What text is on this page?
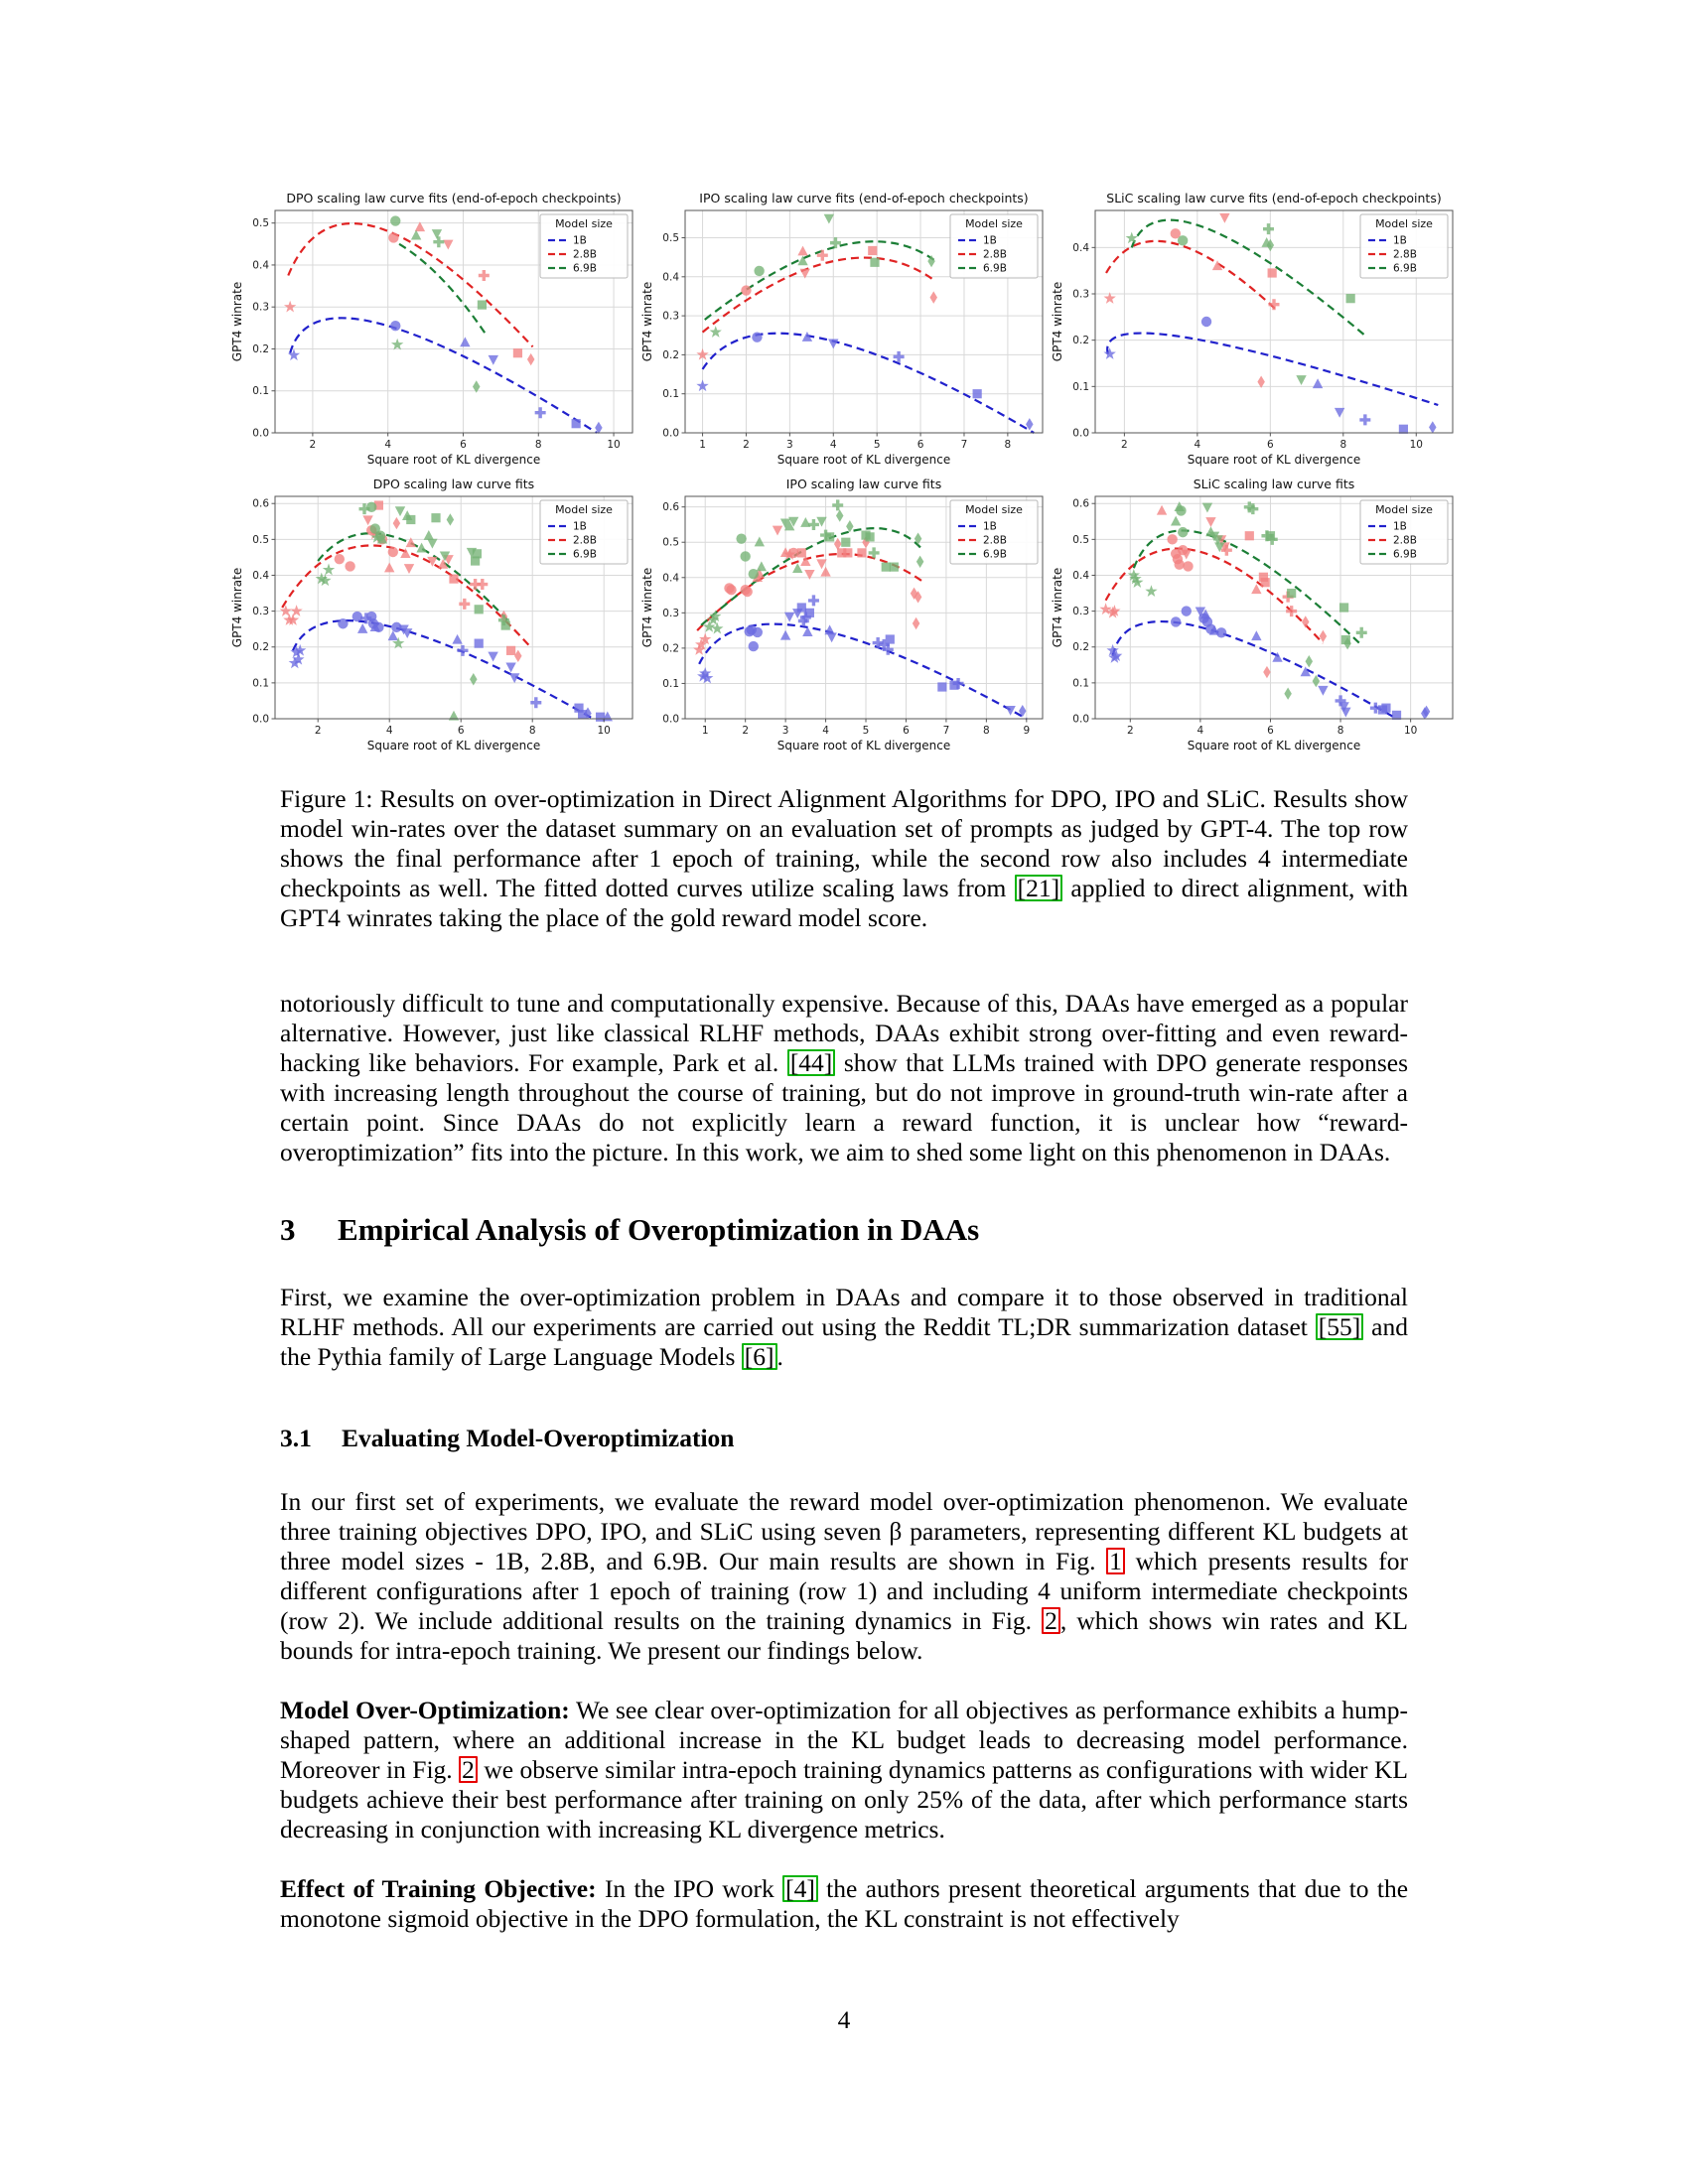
2	4	6	8	10
0.0
0.1
0.2
0.3
0.4
0.5
DPO scaling law curve fits (end-of-epoch checkpoints)
Square root of KL divergence
GPT4 winrate
Model size
1B
2.8B
6.9B
1	2	3	4	5	6	7	8
0.0
0.1
0.2
0.3
0.4
0.5
IPO scaling law curve fits (end-of-epoch checkpoints)
Square root of KL divergence
GPT4 winrate
Model size
1B
2.8B
6.9B
2	4	6	8	10
0.0
0.1
0.2
0.3
0.4
SLiC scaling law curve fits (end-of-epoch checkpoints)
Square root of KL divergence
GPT4 winrate
Model size
1B
2.8B
6.9B
2	4	6	8	10
0.0
0.1
0.2
0.3
0.4
0.5
0.6
DPO scaling law curve fits
Square root of KL divergence
GPT4 winrate
Model size
1B
2.8B
6.9B
1	2	3	4	5	6	7	8	9
0.0
0.1
0.2
0.3
0.4
0.5
0.6
IPO scaling law curve fits
Square root of KL divergence
GPT4 winrate
Model size
1B
2.8B
6.9B
2	4	6	8	10
0.0
0.1
0.2
0.3
0.4
0.5
0.6
SLiC scaling law curve fits
Square root of KL divergence
GPT4 winrate
Model size
1B
2.8B
6.9B

Figure 1: Results on over-optimization in Direct Alignment Algorithms for DPO, IPO and SLiC. Results show model win-rates over the dataset summary on an evaluation set of prompts as judged by GPT-4. The top row shows the final performance after 1 epoch of training, while the second row also includes 4 intermediate checkpoints as well. The fitted dotted curves utilize scaling laws from [21] applied to direct alignment, with GPT4 winrates taking the place of the gold reward model score.

notoriously difficult to tune and computationally expensive. Because of this, DAAs have emerged as a popular alternative. However, just like classical RLHF methods, DAAs exhibit strong over-fitting and even reward-hacking like behaviors. For example, Park et al. [44] show that LLMs trained with DPO generate responses with increasing length throughout the course of training, but do not improve in ground-truth win-rate after a certain point. Since DAAs do not explicitly learn a reward function, it is unclear how “reward-overoptimization” fits into the picture. In this work, we aim to shed some light on this phenomenon in DAAs.

3 Empirical Analysis of Overoptimization in DAAs

First, we examine the over-optimization problem in DAAs and compare it to those observed in traditional RLHF methods. All our experiments are carried out using the Reddit TL;DR summarization dataset [55] and the Pythia family of Large Language Models [6] .

3.1 Evaluating Model-Overoptimization

In our first set of experiments, we evaluate the reward model over-optimization phenomenon. We evaluate three training objectives DPO, IPO, and SLiC using seven β parameters, representing different KL budgets at three model sizes - 1B, 2.8B, and 6.9B. Our main results are shown in Fig. 1 which presents results for different configurations after 1 epoch of training (row 1) and including 4 uniform intermediate checkpoints (row 2). We include additional results on the training dynamics in Fig. 2 , which shows win rates and KL bounds for intra-epoch training. We present our findings below.

Model Over-Optimization: We see clear over-optimization for all objectives as performance exhibits a hump-shaped pattern, where an additional increase in the KL budget leads to decreasing model performance. Moreover in Fig. 2 we observe similar intra-epoch training dynamics patterns as configurations with wider KL budgets achieve their best performance after training on only 25% of the data, after which performance starts decreasing in conjunction with increasing KL divergence metrics.

Effect of Training Objective: In the IPO work [4] the authors present theoretical arguments that due to the monotone sigmoid objective in the DPO formulation, the KL constraint is not effectively

4
